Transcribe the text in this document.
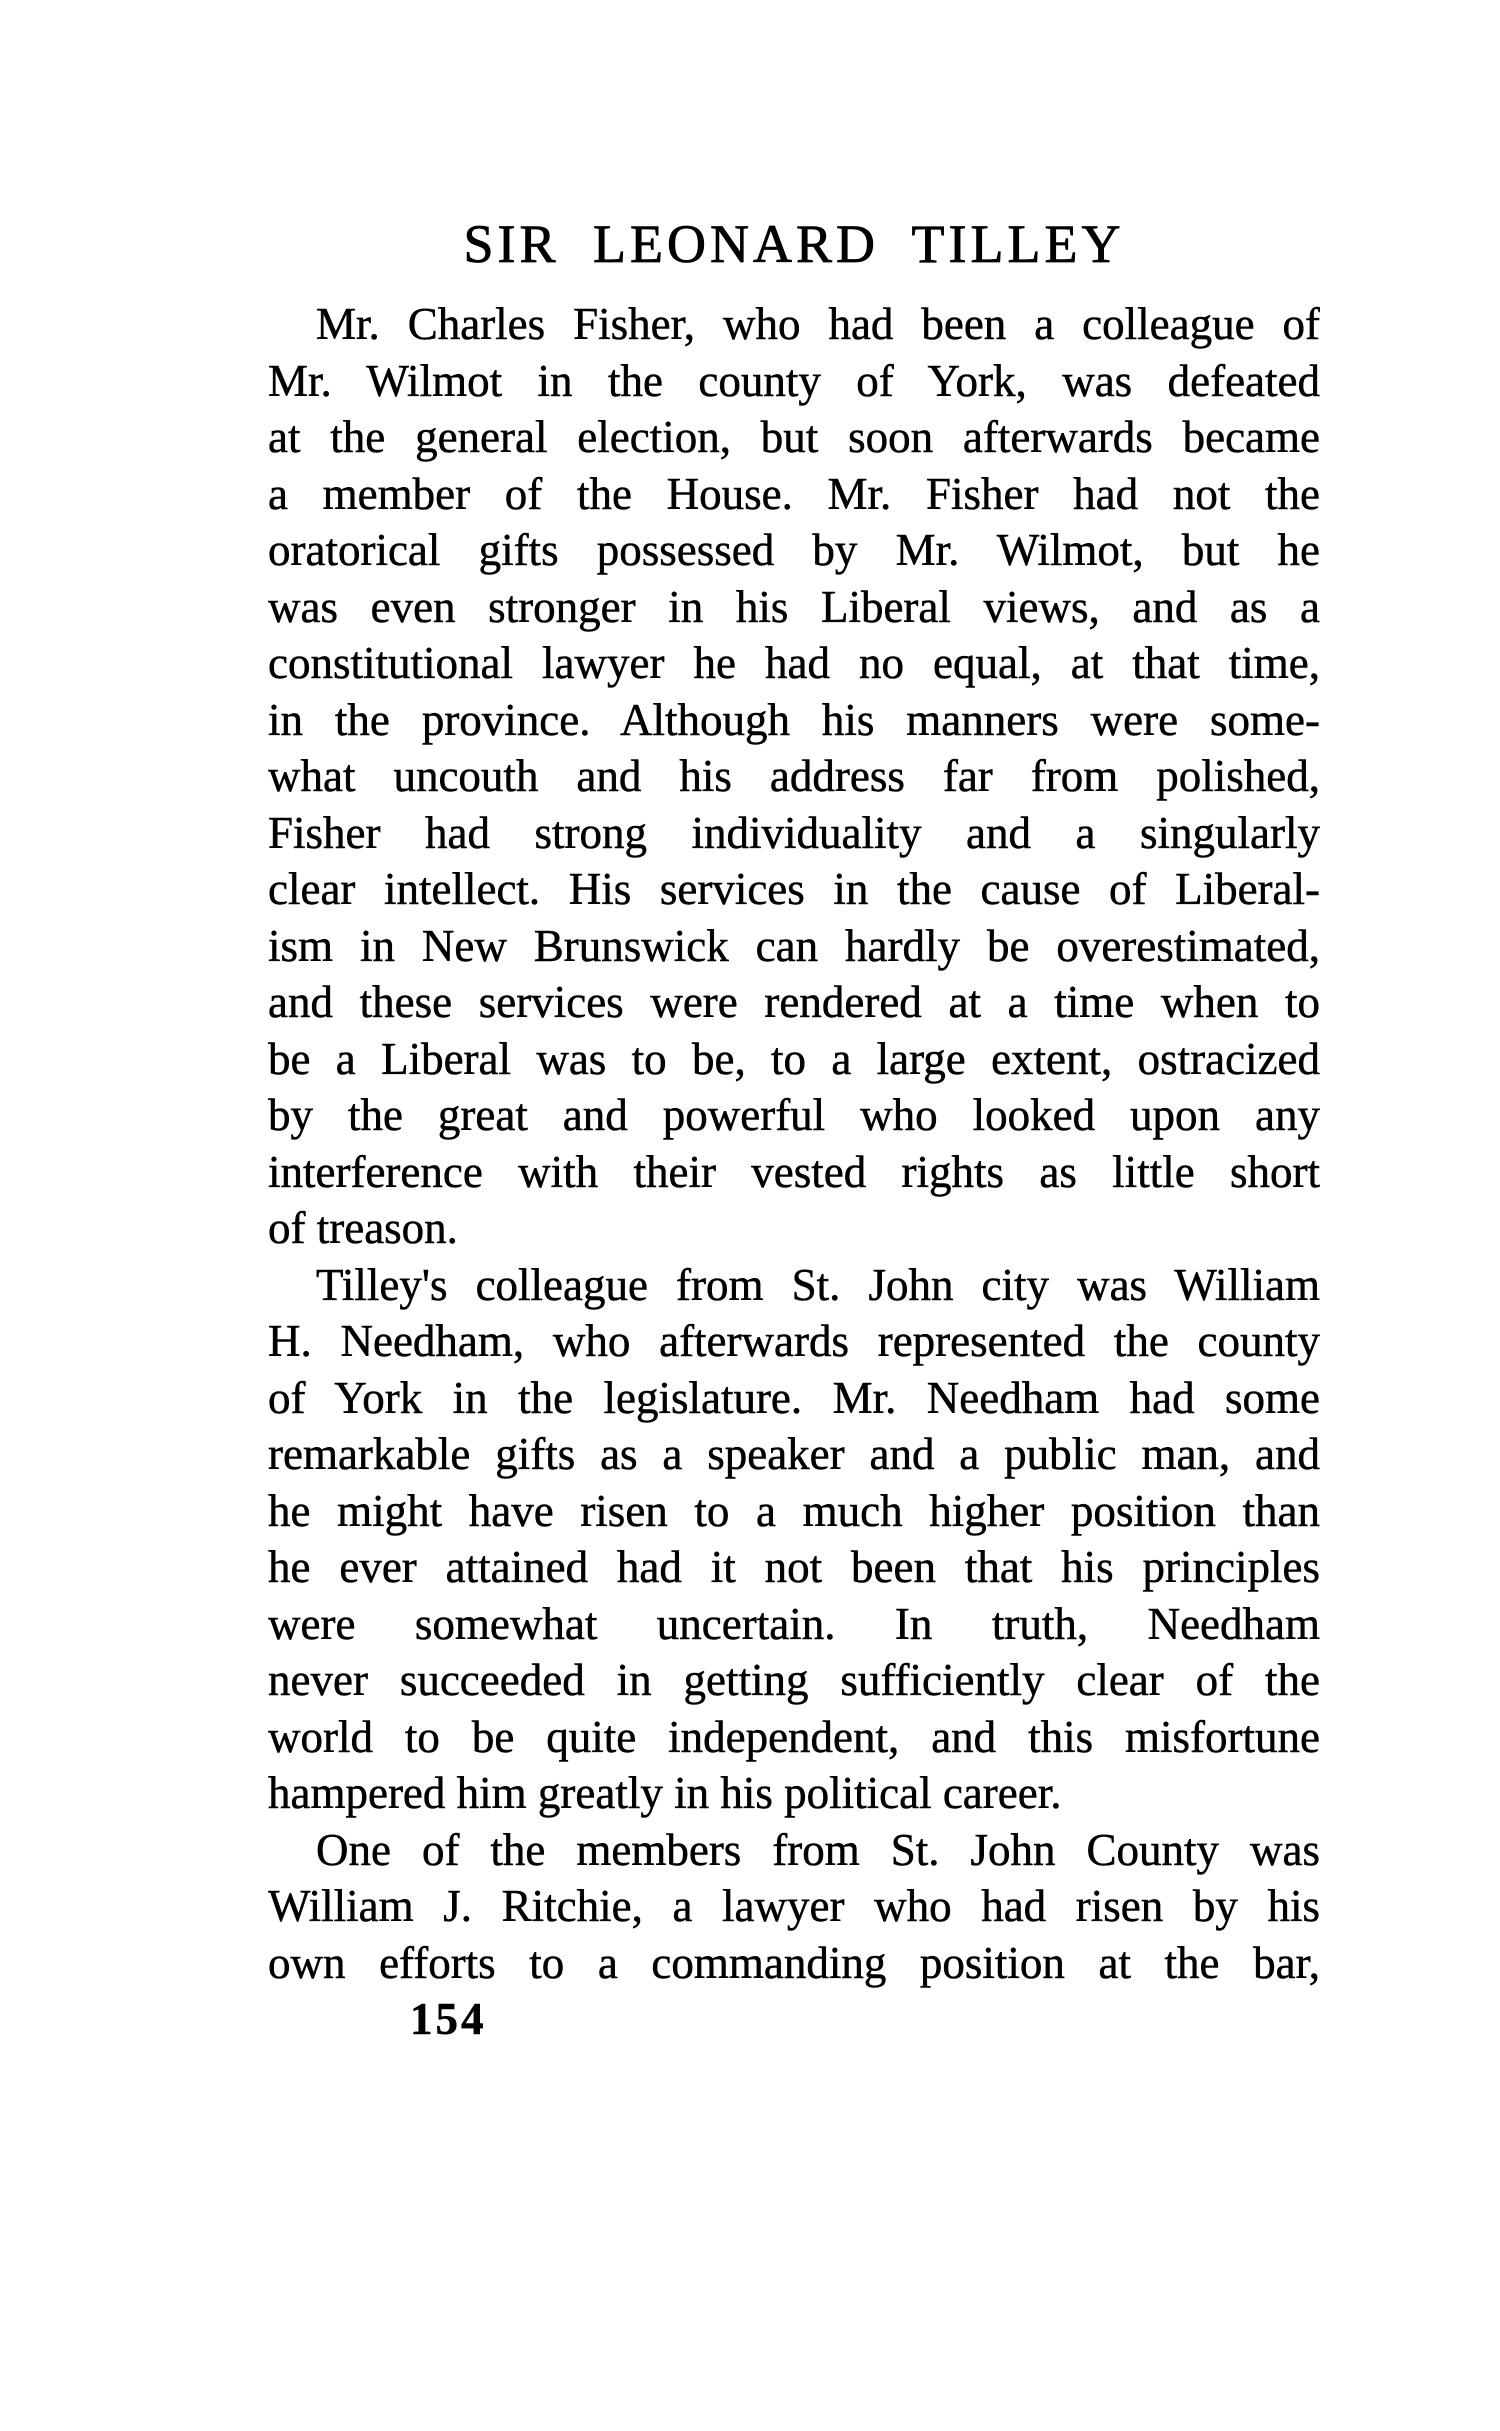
SIR LEONARD TILLEY
Mr. Charles Fisher, who had been a colleague of
Mr. Wilmot in the county of York, was defeated
at the general election, but soon afterwards became
a member of the House. Mr. Fisher had not the
oratorical gifts possessed by Mr. Wilmot, but he
was even stronger in his Liberal views, and as a
constitutional lawyer he had no equal, at that time,
in the province. Although his manners were some-
what uncouth and his address far from polished,
Fisher had strong individuality and a singularly
clear intellect. His services in the cause of Liberal-
ism in New Brunswick can hardly be overestimated,
and these services were rendered at a time when to
be a Liberal was to be, to a large extent, ostracized
by the great and powerful who looked upon any
interference with their vested rights as little short
of treason.
Tilley's colleague from St. John city was William
H. Needham, who afterwards represented the county
of York in the legislature. Mr. Needham had some
remarkable gifts as a speaker and a public man, and
he might have risen to a much higher position than
he ever attained had it not been that his principles
were somewhat uncertain. In truth, Needham
never succeeded in getting sufficiently clear of the
world to be quite independent, and this misfortune
hampered him greatly in his political career.
One of the members from St. John County was
William J. Ritchie, a lawyer who had risen by his
own efforts to a commanding position at the bar,
154
